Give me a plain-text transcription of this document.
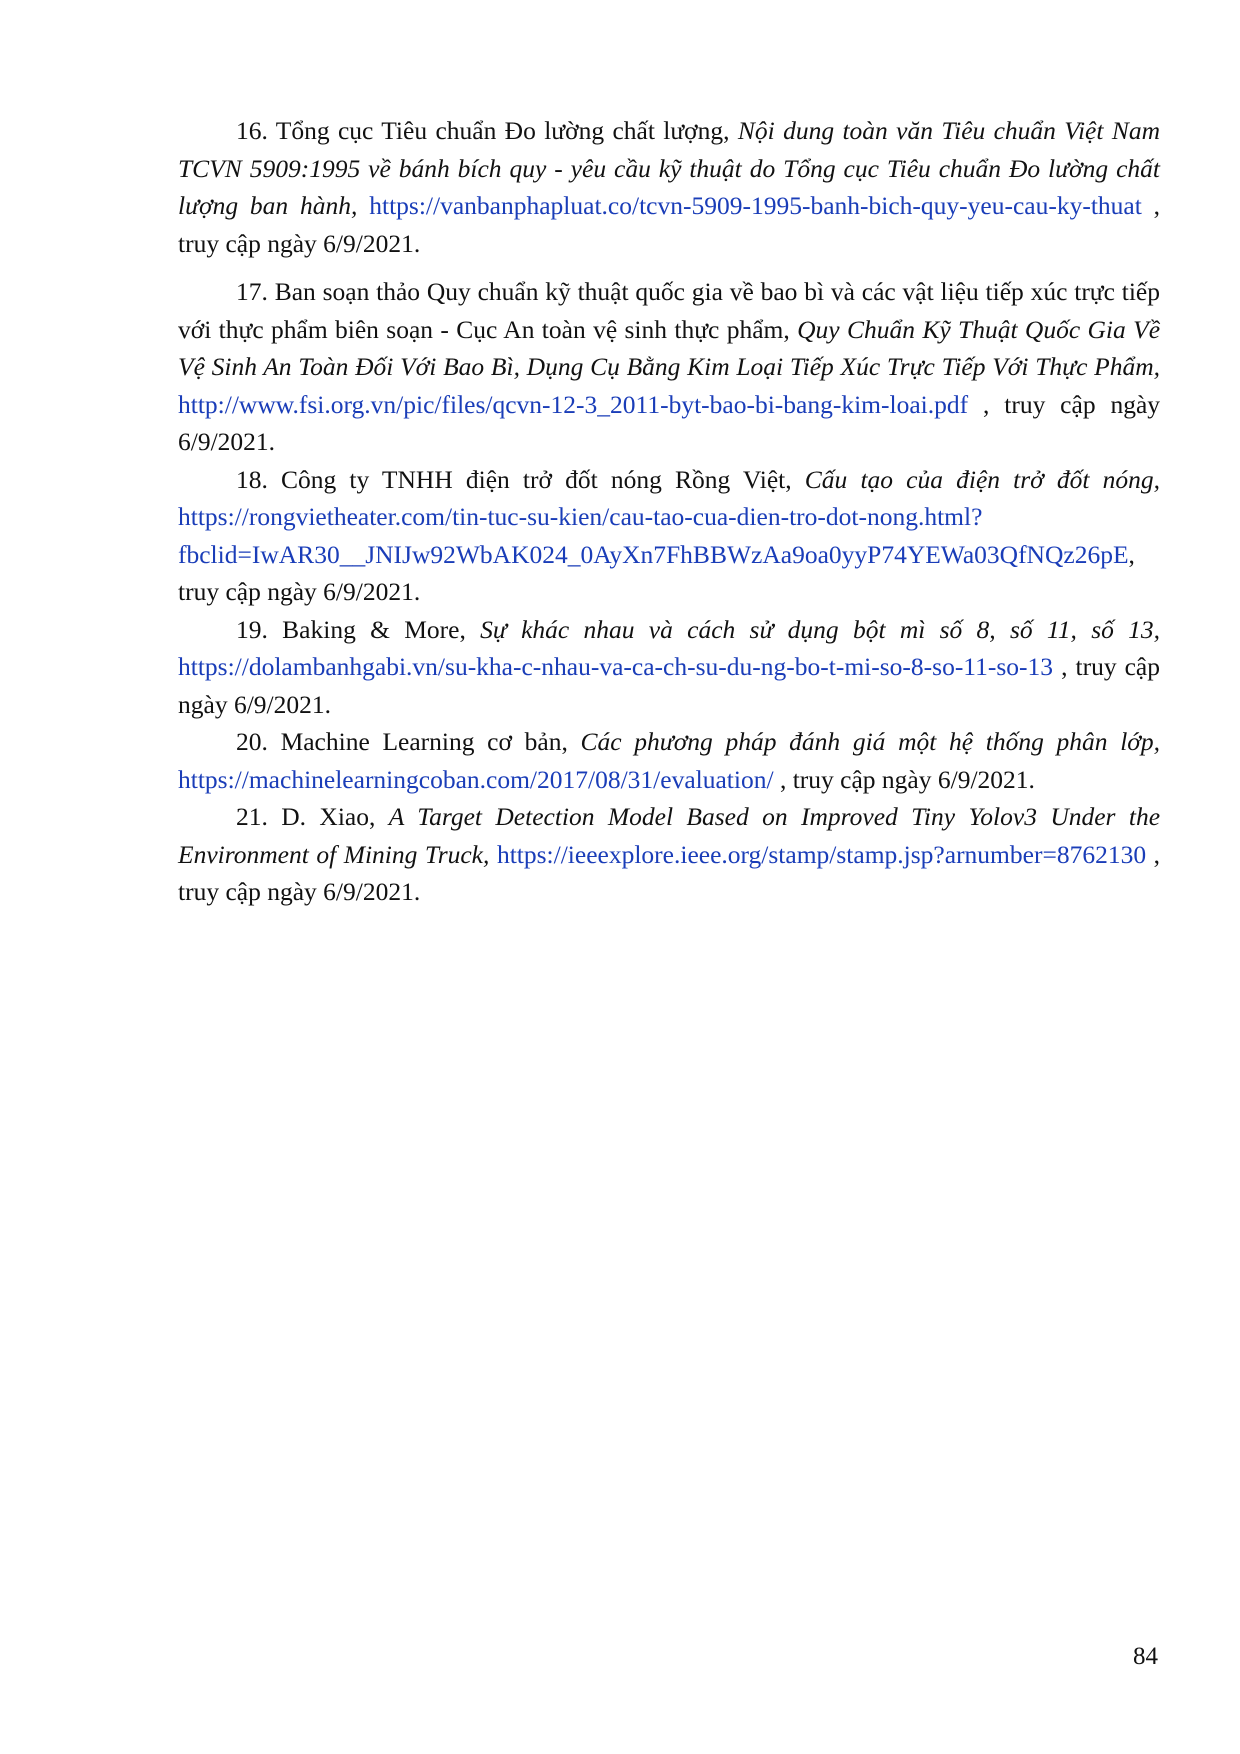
16. Tổng cục Tiêu chuẩn Đo lường chất lượng, Nội dung toàn văn Tiêu chuẩn Việt Nam TCVN 5909:1995 về bánh bích quy - yêu cầu kỹ thuật do Tổng cục Tiêu chuẩn Đo lường chất lượng ban hành, https://vanbanphapluat.co/tcvn-5909-1995-banh-bich-quy-yeu-cau-ky-thuat , truy cập ngày 6/9/2021.

17. Ban soạn thảo Quy chuẩn kỹ thuật quốc gia về bao bì và các vật liệu tiếp xúc trực tiếp với thực phẩm biên soạn - Cục An toàn vệ sinh thực phẩm, Quy Chuẩn Kỹ Thuật Quốc Gia Về Vệ Sinh An Toàn Đối Với Bao Bì, Dụng Cụ Bằng Kim Loại Tiếp Xúc Trực Tiếp Với Thực Phẩm, http://www.fsi.org.vn/pic/files/qcvn-12-3_2011-byt-bao-bi-bang-kim-loai.pdf , truy cập ngày 6/9/2021.

18. Công ty TNHH điện trở đốt nóng Rồng Việt, Cấu tạo của điện trở đốt nóng, https://rongvietheater.com/tin-tuc-su-kien/cau-tao-cua-dien-tro-dot-nong.html?fbclid=IwAR30__JNIJw92WbAK024_0AyXn7FhBBWzAa9oa0yyP74YEWa03QfNQz26pE, truy cập ngày 6/9/2021.

19. Baking & More, Sự khác nhau và cách sử dụng bột mì số 8, số 11, số 13, https://dolambanhgabi.vn/su-kha-c-nhau-va-ca-ch-su-du-ng-bo-t-mi-so-8-so-11-so-13 , truy cập ngày 6/9/2021.

20. Machine Learning cơ bản, Các phương pháp đánh giá một hệ thống phân lớp, https://machinelearningcoban.com/2017/08/31/evaluation/ , truy cập ngày 6/9/2021.

21. D. Xiao, A Target Detection Model Based on Improved Tiny Yolov3 Under the Environment of Mining Truck, https://ieeexplore.ieee.org/stamp/stamp.jsp?arnumber=8762130 , truy cập ngày 6/9/2021.

84
